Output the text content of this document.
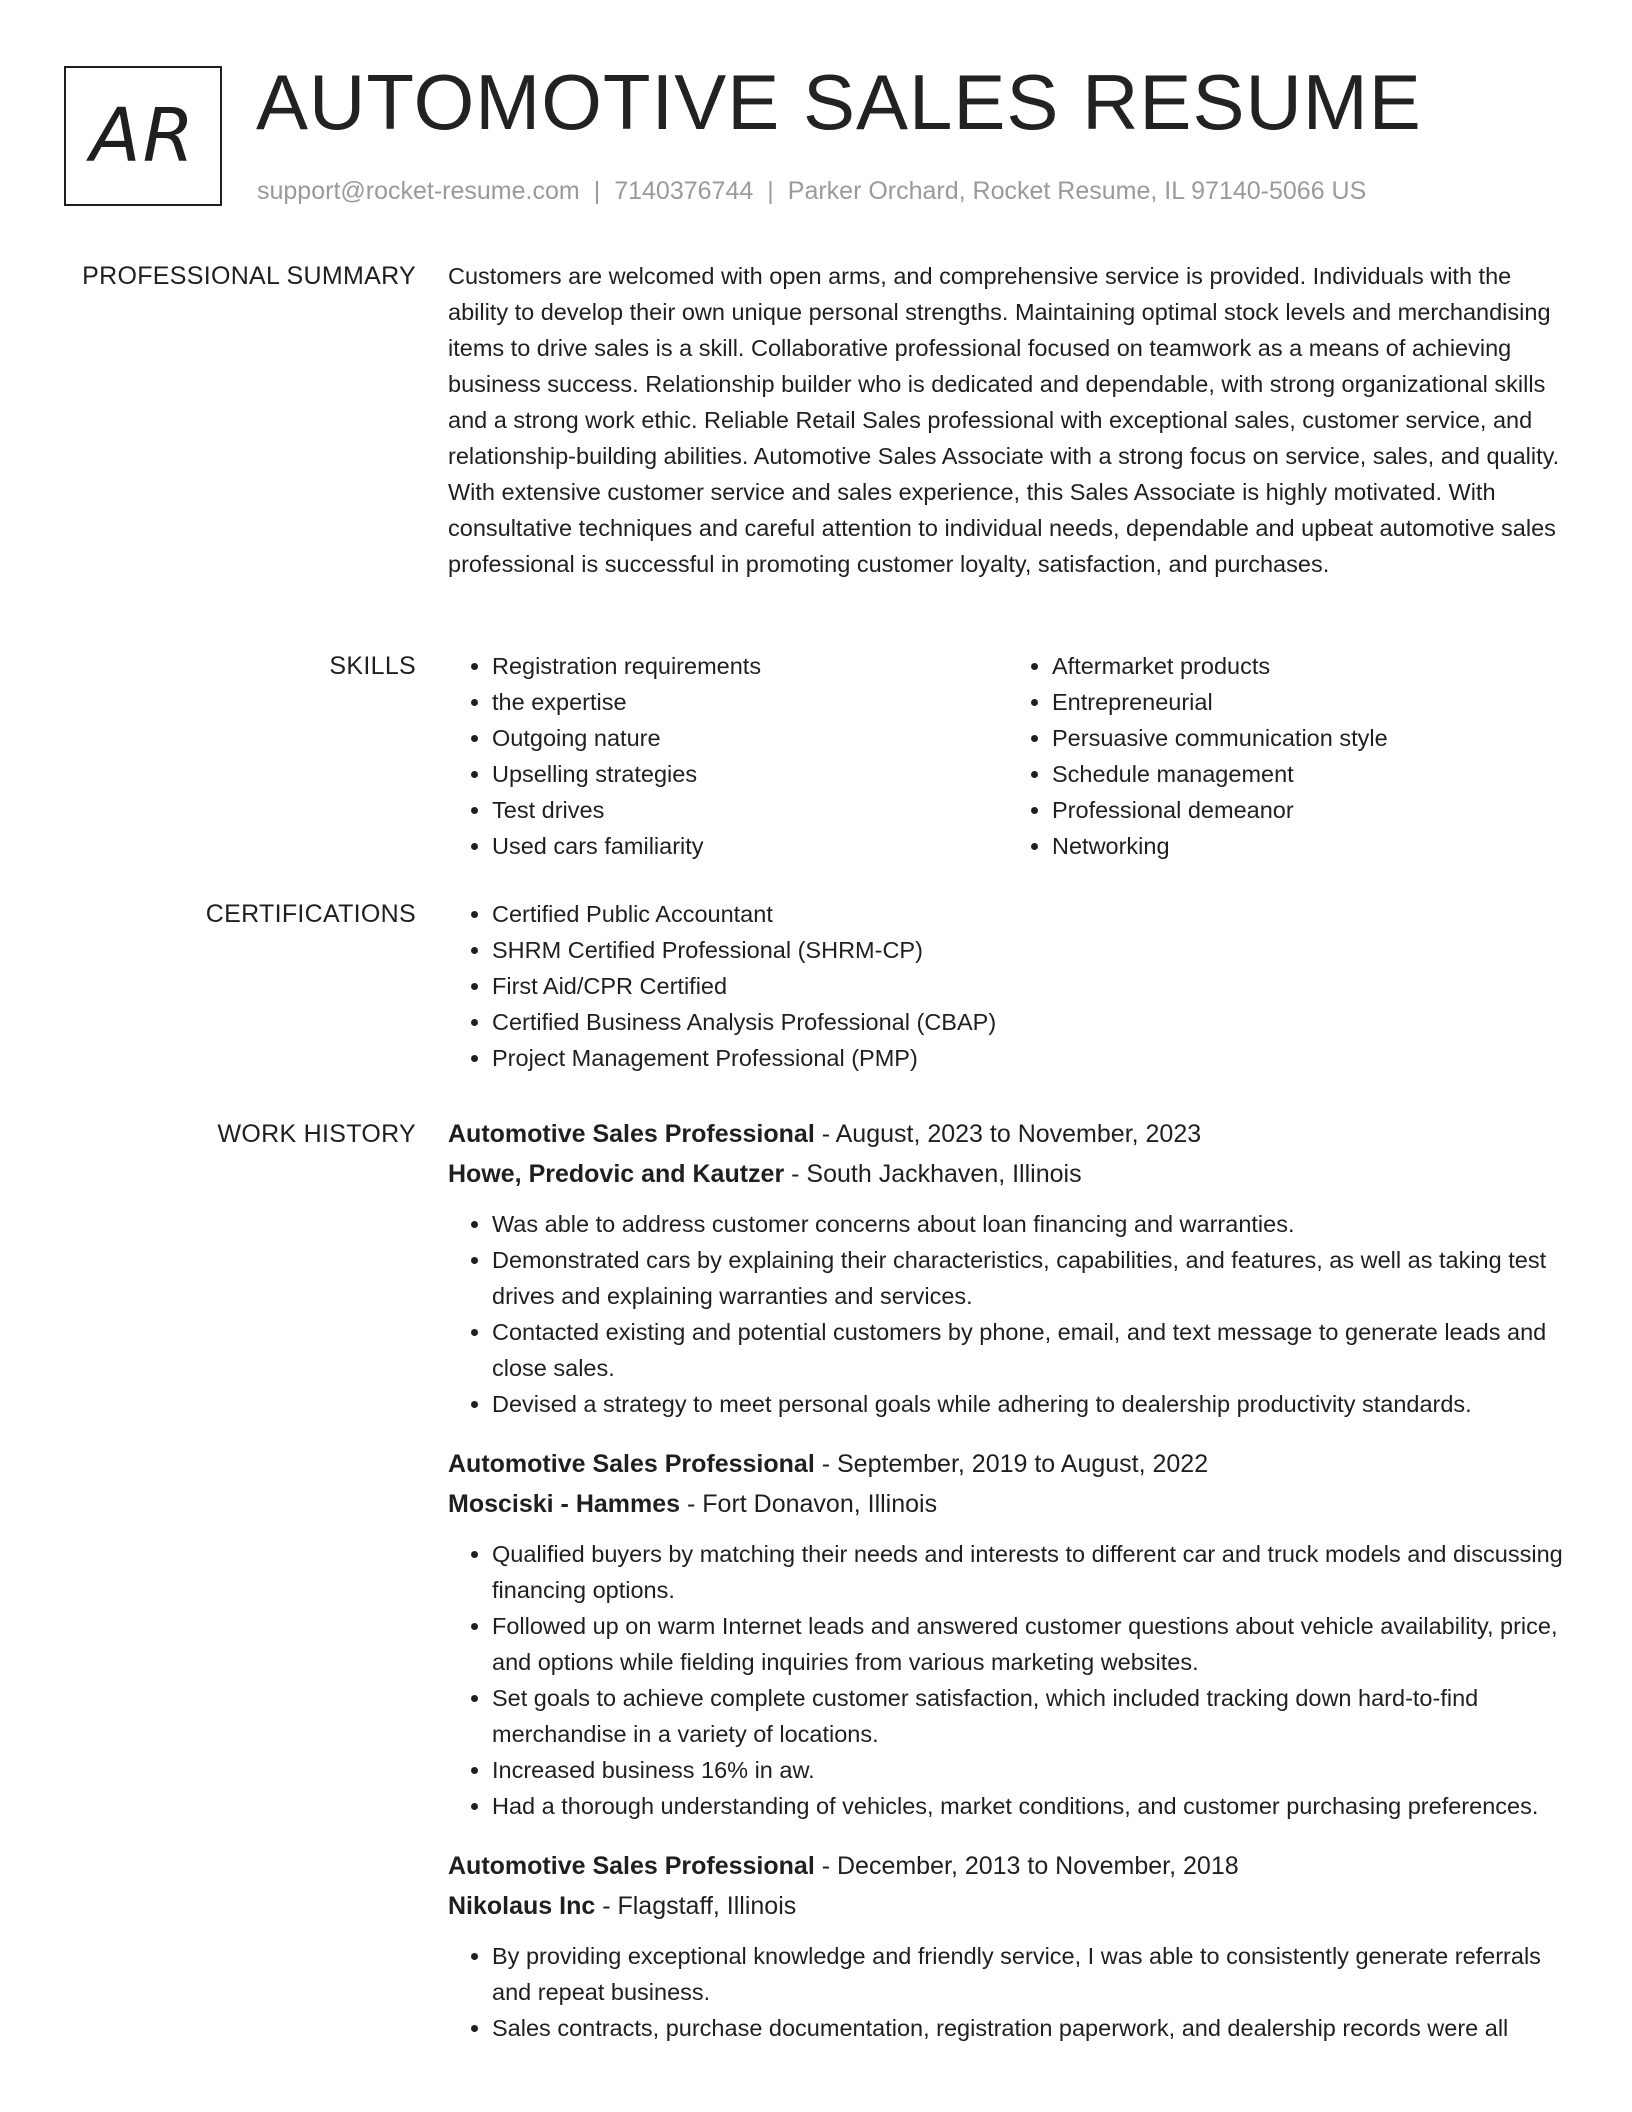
AR AUTOMOTIVE SALES RESUME
support@rocket-resume.com | 7140376744 | Parker Orchard, Rocket Resume, IL 97140-5066 US
PROFESSIONAL SUMMARY Customers are welcomed with open arms, and comprehensive service is provided. Individuals with the ability to develop their own unique personal strengths. Maintaining optimal stock levels and merchandising items to drive sales is a skill. Collaborative professional focused on teamwork as a means of achieving business success. Relationship builder who is dedicated and dependable, with strong organizational skills and a strong work ethic. Reliable Retail Sales professional with exceptional sales, customer service, and relationship-building abilities. Automotive Sales Associate with a strong focus on service, sales, and quality. With extensive customer service and sales experience, this Sales Associate is highly motivated. With consultative techniques and careful attention to individual needs, dependable and upbeat automotive sales professional is successful in promoting customer loyalty, satisfaction, and purchases.

SKILLS	• Registration requirements
• the expertise
• Outgoing nature
• Upselling strategies
• Test drives
• Used cars familiarity
• Aftermarket products
• Entrepreneurial
• Persuasive communication style
• Schedule management
• Professional demeanor
• Networking
CERTIFICATIONS	• Certified Public Accountant
• SHRM Certified Professional (SHRM-CP)
• First Aid/CPR Certified
• Certified Business Analysis Professional (CBAP)
• Project Management Professional (PMP)
WORK HISTORY Automotive Sales Professional - August, 2023 to November, 2023
Howe, Predovic and Kautzer - South Jackhaven, Illinois
• Was able to address customer concerns about loan financing and warranties.
• Demonstrated cars by explaining their characteristics, capabilities, and features, as well as taking test drives and explaining warranties and services.
• Contacted existing and potential customers by phone, email, and text message to generate leads and close sales.
• Devised a strategy to meet personal goals while adhering to dealership productivity standards.
Automotive Sales Professional - September, 2019 to August, 2022
Mosciski - Hammes - Fort Donavon, Illinois
• Qualified buyers by matching their needs and interests to different car and truck models and discussing financing options.
• Followed up on warm Internet leads and answered customer questions about vehicle availability, price, and options while fielding inquiries from various marketing websites.
• Set goals to achieve complete customer satisfaction, which included tracking down hard-to-find merchandise in a variety of locations.
• Increased business 16% in aw.
• Had a thorough understanding of vehicles, market conditions, and customer purchasing preferences.
Automotive Sales Professional - December, 2013 to November, 2018
Nikolaus Inc - Flagstaff, Illinois
• By providing exceptional knowledge and friendly service, I was able to consistently generate referrals and repeat business.
• Sales contracts, purchase documentation, registration paperwork, and dealership records were all
